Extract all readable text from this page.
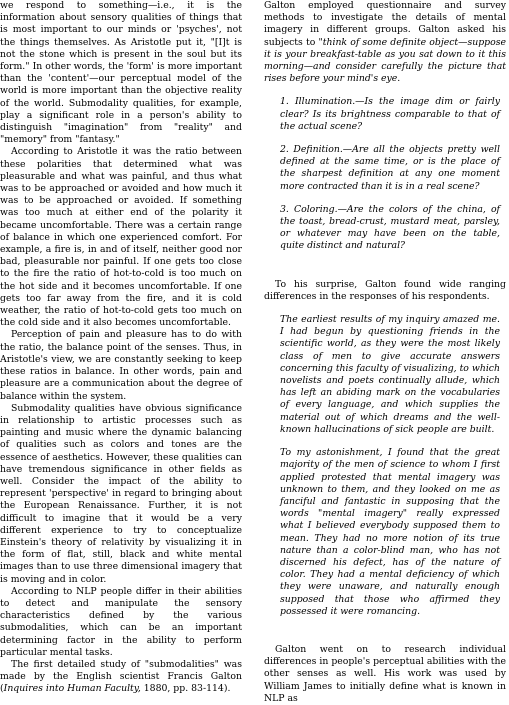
we respond to something—i.e., it is the information about sensory qualities of things that is most important to our minds or 'psyches', not the things themselves. As Aristotle put it, "[I]t is not the stone which is present in the soul but its form." In other words, the 'form' is more important than the 'content'—our perceptual model of the world is more important than the objective reality of the world. Submodality qualities, for example, play a significant role in a person's ability to distinguish "imagination" from "reality" and "memory" from "fantasy."

According to Aristotle it was the ratio between these polarities that determined what was pleasurable and what was painful, and thus what was to be approached or avoided and how much it was to be approached or avoided. If something was too much at either end of the polarity it became uncomfortable. There was a certain range of balance in which one experienced comfort. For example, a fire is, in and of itself, neither good nor bad, pleasurable nor painful. If one gets too close to the fire the ratio of hot-to-cold is too much on the hot side and it becomes uncomfortable. If one gets too far away from the fire, and it is cold weather, the ratio of hot-to-cold gets too much on the cold side and it also becomes uncomfortable.

Perception of pain and pleasure has to do with the ratio, the balance point of the senses. Thus, in Aristotle's view, we are constantly seeking to keep these ratios in balance. In other words, pain and pleasure are a communication about the degree of balance within the system.

Submodality qualities have obvious significance in relationship to artistic processes such as painting and music where the dynamic balancing of qualities such as colors and tones are the essence of aesthetics. However, these qualities can have tremendous significance in other fields as well. Consider the impact of the ability to represent 'perspective' in regard to bringing about the European Renaissance. Further, it is not difficult to imagine that it would be a very different experience to try to conceptualize Einstein's theory of relativity by visualizing it in the form of flat, still, black and white mental images than to use three dimensional imagery that is moving and in color.

According to NLP people differ in their abilities to detect and manipulate the sensory characteristics defined by the various submodalities, which can be an important determining factor in the ability to perform particular mental tasks.

The first detailed study of "submodalities" was made by the English scientist Francis Galton (Inquires into Human Faculty, 1880, pp. 83-114).

Galton employed questionnaire and survey methods to investigate the details of mental imagery in different groups. Galton asked his subjects to "think of some definite object—suppose it is your breakfast-table as you sat down to it this morning—and consider carefully the picture that rises before your mind's eye.

1. Illumination.—Is the image dim or fairly clear? Is its brightness comparable to that of the actual scene?
2. Definition.—Are all the objects pretty well defined at the same time, or is the place of the sharpest definition at any one moment more contracted than it is in a real scene?
3. Coloring.—Are the colors of the china, of the toast, bread-crust, mustard meat, parsley, or whatever may have been on the table, quite distinct and natural?

To his surprise, Galton found wide ranging differences in the responses of his respondents.

The earliest results of my inquiry amazed me. I had begun by questioning friends in the scientific world, as they were the most likely class of men to give accurate answers concerning this faculty of visualizing, to which novelists and poets continually allude, which has left an abiding mark on the vocabularies of every language, and which supplies the material out of which dreams and the well-known hallucinations of sick people are built.

To my astonishment, I found that the great majority of the men of science to whom I first applied protested that mental imagery was unknown to them, and they looked on me as fanciful and fantastic in supposing that the words "mental imagery" really expressed what I believed everybody supposed them to mean. They had no more notion of its true nature than a color-blind man, who has not discerned his defect, has of the nature of color. They had a mental deficiency of which they were unaware, and naturally enough supposed that those who affirmed they possessed it were romancing.

Galton went on to research individual differences in people's perceptual abilities with the other senses as well. His work was used by William James to initially define what is known in NLP as
